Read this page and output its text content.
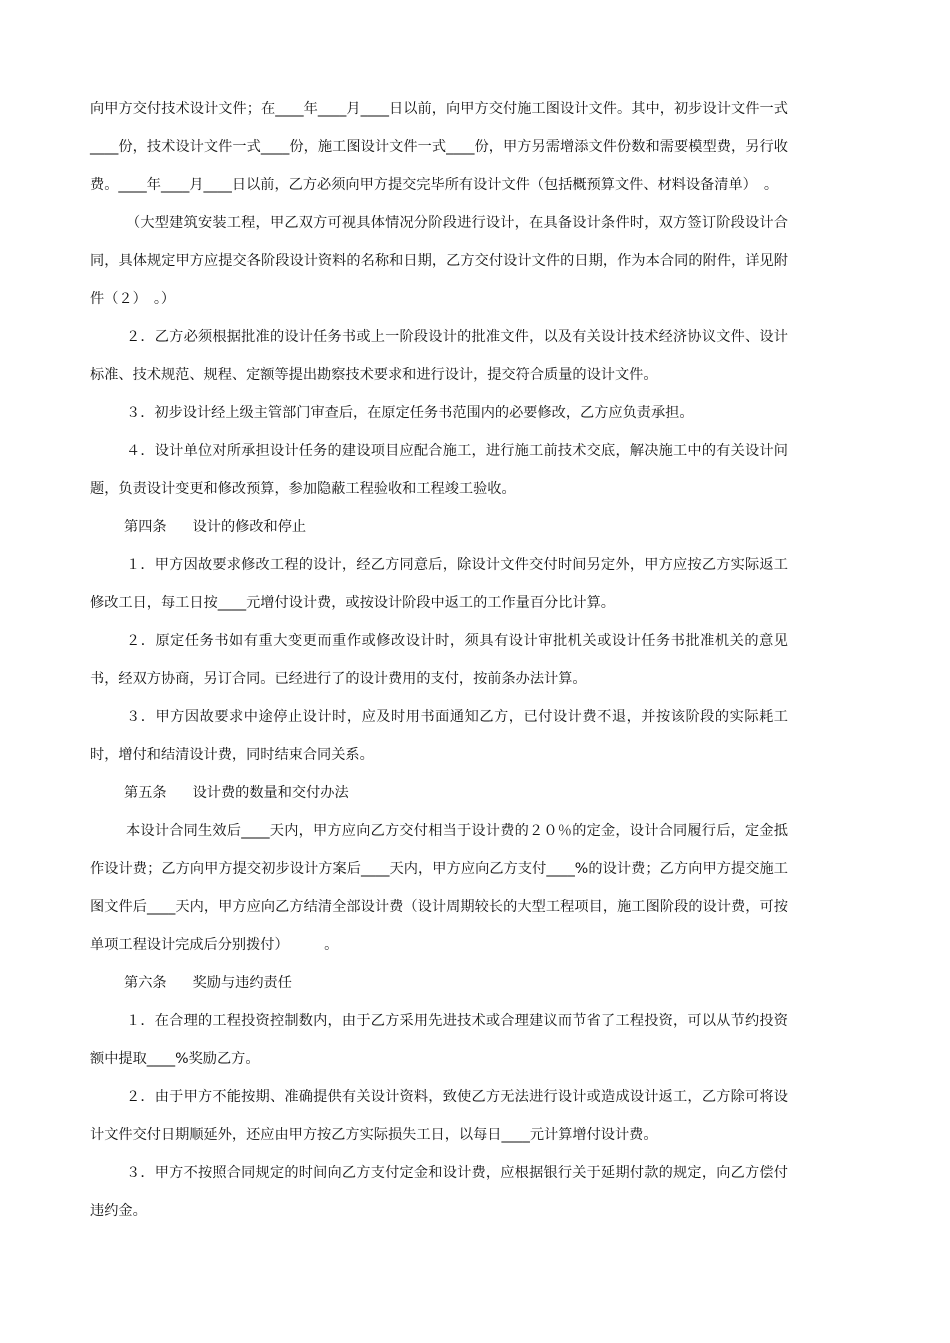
向甲方交付技术设计文件；在____年____月____日以前，向甲方交付施工图设计文件。其中，初步设计文件一式____份，技术设计文件一式____份，施工图设计文件一式____份，甲方另需增添文件份数和需要模型费，另行收费。____年____月____日以前，乙方必须向甲方提交完毕所有设计文件（包括概预算文件、材料设备清单）　。

（大型建筑安装工程，甲乙双方可视具体情况分阶段进行设计，在具备设计条件时，双方签订阶段设计合同，具体规定甲方应提交各阶段设计资料的名称和日期，乙方交付设计文件的日期，作为本合同的附件，详见附件（２）　。）

２．乙方必须根据批准的设计任务书或上一阶段设计的批准文件，以及有关设计技术经济协议文件、设计标准、技术规范、规程、定额等提出勘察技术要求和进行设计，提交符合质量的设计文件。

３．初步设计经上级主管部门审查后，在原定任务书范围内的必要修改，乙方应负责承担。

４．设计单位对所承担设计任务的建设项目应配合施工，进行施工前技术交底，解决施工中的有关设计问题，负责设计变更和修改预算，参加隐蔽工程验收和工程竣工验收。

第四条 设计的修改和停止

１．甲方因故要求修改工程的设计，经乙方同意后，除设计文件交付时间另定外，甲方应按乙方实际返工修改工日，每工日按____元增付设计费，或按设计阶段中返工的工作量百分比计算。

２．原定任务书如有重大变更而重作或修改设计时，须具有设计审批机关或设计任务书批准机关的意见书，经双方协商，另订合同。已经进行了的设计费用的支付，按前条办法计算。

３．甲方因故要求中途停止设计时，应及时用书面通知乙方，已付设计费不退，并按该阶段的实际耗工时，增付和结清设计费，同时结束合同关系。

第五条 设计费的数量和交付办法

本设计合同生效后____天内，甲方应向乙方交付相当于设计费的２０％的定金，设计合同履行后，定金抵作设计费；乙方向甲方提交初步设计方案后____天内，甲方应向乙方支付____%的设计费；乙方向甲方提交施工图文件后____天内，甲方应向乙方结清全部设计费（设计周期较长的大型工程项目，施工图阶段的设计费，可按单项工程设计完成后分别拨付）　　　。

第六条 奖励与违约责任

１．在合理的工程投资控制数内，由于乙方采用先进技术或合理建议而节省了工程投资，可以从节约投资额中提取____%奖励乙方。

２．由于甲方不能按期、准确提供有关设计资料，致使乙方无法进行设计或造成设计返工，乙方除可将设计文件交付日期顺延外，还应由甲方按乙方实际损失工日，以每日____元计算增付设计费。

３．甲方不按照合同规定的时间向乙方支付定金和设计费，应根据银行关于延期付款的规定，向乙方偿付违约金。
